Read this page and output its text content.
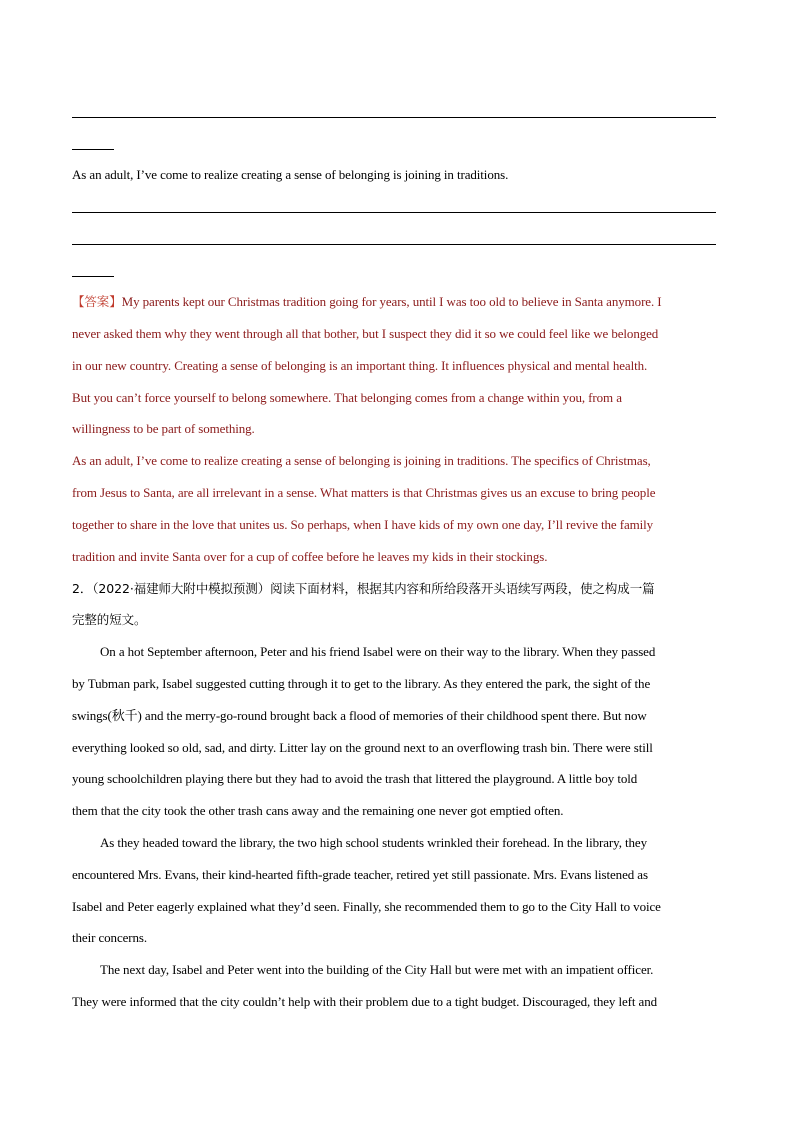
As an adult, I’ve come to realize creating a sense of belonging is joining in traditions.
【答案】My parents kept our Christmas tradition going for years, until I was too old to believe in Santa anymore. I
never asked them why they went through all that bother, but I suspect they did it so we could feel like we belonged
in our new country. Creating a sense of belonging is an important thing. It influences physical and mental health.
But you can’t force yourself to belong somewhere. That belonging comes from a change within you, from a
willingness to be part of something.
As an adult, I’ve come to realize creating a sense of belonging is joining in traditions. The specifics of Christmas,
from Jesus to Santa, are all irrelevant in a sense. What matters is that Christmas gives us an excuse to bring people
together to share in the love that unites us. So perhaps, when I have kids of my own one day, I’ll revive the family
tradition and invite Santa over for a cup of coffee before he leaves my kids in their stockings.
2．（2022·福建师大附中模拟预测）阅读下面材料，根据其内容和所给段落开头语续写两段，使之构成一篇
完整的短文。
On a hot September afternoon, Peter and his friend Isabel were on their way to the library. When they passed
by Tubman park, Isabel suggested cutting through it to get to the library. As they entered the park, the sight of the
swings(秋千) and the merry-go-round brought back a flood of memories of their childhood spent there. But now
everything looked so old, sad, and dirty. Litter lay on the ground next to an overflowing trash bin. There were still
young schoolchildren playing there but they had to avoid the trash that littered the playground. A little boy told
them that the city took the other trash cans away and the remaining one never got emptied often.
As they headed toward the library, the two high school students wrinkled their forehead. In the library, they
encountered Mrs. Evans, their kind-hearted fifth-grade teacher, retired yet still passionate. Mrs. Evans listened as
Isabel and Peter eagerly explained what they’d seen. Finally, she recommended them to go to the City Hall to voice
their concerns.
The next day, Isabel and Peter went into the building of the City Hall but were met with an impatient officer.
They were informed that the city couldn’t help with their problem due to a tight budget. Discouraged, they left and
